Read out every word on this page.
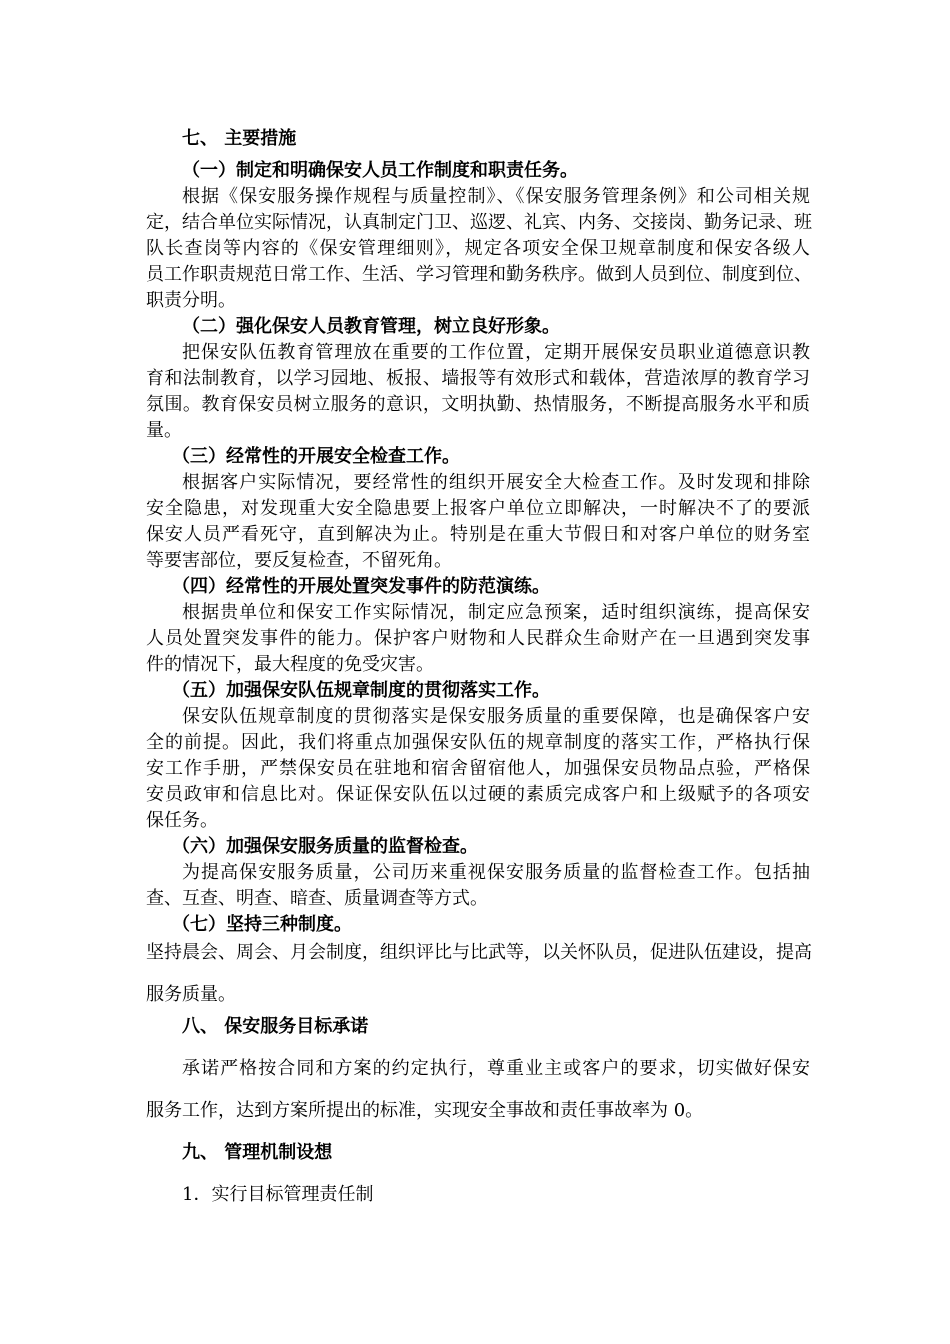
七、 主要措施
（一）制定和明确保安人员工作制度和职责任务。
根据《保安服务操作规程与质量控制》、《保安服务管理条例》和公司相关规
定，结合单位实际情况，认真制定门卫、巡逻、礼宾、内务、交接岗、勤务记录、班
队长查岗等内容的《保安管理细则》，规定各项安全保卫规章制度和保安各级人
员工作职责规范日常工作、生活、学习管理和勤务秩序。做到人员到位、制度到位、
职责分明。
（二）强化保安人员教育管理，树立良好形象。
把保安队伍教育管理放在重要的工作位置，定期开展保安员职业道德意识教
育和法制教育，以学习园地、板报、墙报等有效形式和载体，营造浓厚的教育学习
氛围。教育保安员树立服务的意识，文明执勤、热情服务，不断提高服务水平和质
量。
（三）经常性的开展安全检查工作。
根据客户实际情况，要经常性的组织开展安全大检查工作。及时发现和排除
安全隐患，对发现重大安全隐患要上报客户单位立即解决，一时解决不了的要派
保安人员严看死守，直到解决为止。特别是在重大节假日和对客户单位的财务室
等要害部位，要反复检查，不留死角。
（四）经常性的开展处置突发事件的防范演练。
根据贵单位和保安工作实际情况，制定应急预案，适时组织演练，提高保安
人员处置突发事件的能力。保护客户财物和人民群众生命财产在一旦遇到突发事
件的情况下，最大程度的免受灾害。
（五）加强保安队伍规章制度的贯彻落实工作。
保安队伍规章制度的贯彻落实是保安服务质量的重要保障，也是确保客户安
全的前提。因此，我们将重点加强保安队伍的规章制度的落实工作，严格执行保
安工作手册，严禁保安员在驻地和宿舍留宿他人，加强保安员物品点验，严格保
安员政审和信息比对。保证保安队伍以过硬的素质完成客户和上级赋予的各项安
保任务。
（六）加强保安服务质量的监督检查。
为提高保安服务质量，公司历来重视保安服务质量的监督检查工作。包括抽
查、互查、明查、暗查、质量调查等方式。
（七）坚持三种制度。
坚持晨会、周会、月会制度，组织评比与比武等，以关怀队员，促进队伍建设，提高
服务质量。
八、 保安服务目标承诺
承诺严格按合同和方案的约定执行，尊重业主或客户的要求，切实做好保安
服务工作，达到方案所提出的标准，实现安全事故和责任事故率为 0。
九、 管理机制设想
1．实行目标管理责任制
